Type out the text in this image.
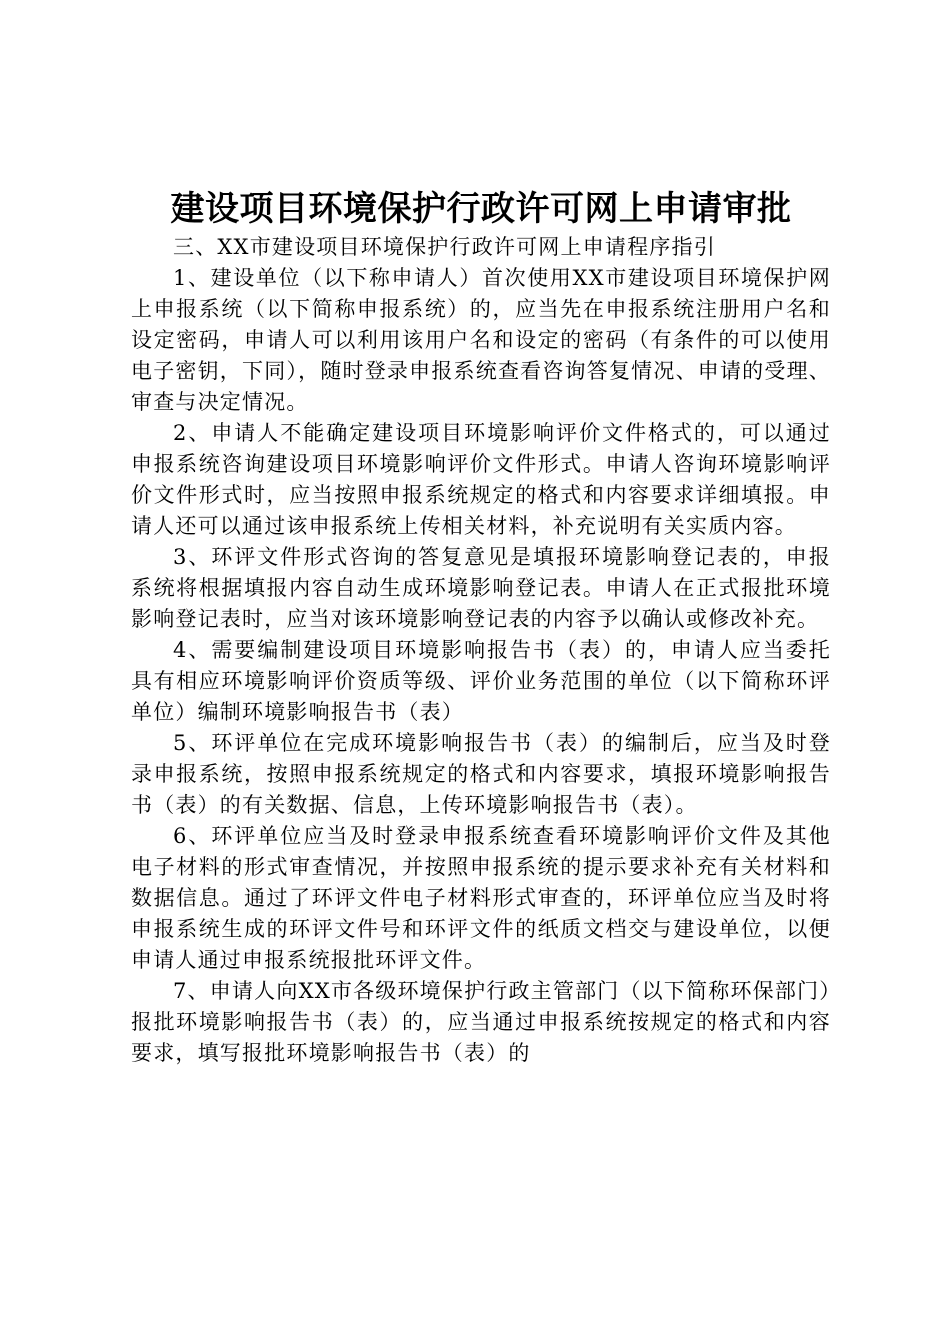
建设项目环境保护行政许可网上申请审批

三、XX市建设项目环境保护行政许可网上申请程序指引

1、建设单位（以下称申请人）首次使用XX市建设项目环境保护网上申报系统（以下简称申报系统）的，应当先在申报系统注册用户名和设定密码，申请人可以利用该用户名和设定的密码（有条件的可以使用电子密钥，下同），随时登录申报系统查看咨询答复情况、申请的受理、审查与决定情况。

2、申请人不能确定建设项目环境影响评价文件格式的，可以通过申报系统咨询建设项目环境影响评价文件形式。申请人咨询环境影响评价文件形式时，应当按照申报系统规定的格式和内容要求详细填报。申请人还可以通过该申报系统上传相关材料，补充说明有关实质内容。

3、环评文件形式咨询的答复意见是填报环境影响登记表的，申报系统将根据填报内容自动生成环境影响登记表。申请人在正式报批环境影响登记表时，应当对该环境影响登记表的内容予以确认或修改补充。

4、需要编制建设项目环境影响报告书（表）的，申请人应当委托具有相应环境影响评价资质等级、评价业务范围的单位（以下简称环评单位）编制环境影响报告书（表）

5、环评单位在完成环境影响报告书（表）的编制后，应当及时登录申报系统，按照申报系统规定的格式和内容要求，填报环境影响报告书（表）的有关数据、信息，上传环境影响报告书（表）。

6、环评单位应当及时登录申报系统查看环境影响评价文件及其他电子材料的形式审查情况，并按照申报系统的提示要求补充有关材料和数据信息。通过了环评文件电子材料形式审查的，环评单位应当及时将申报系统生成的环评文件号和环评文件的纸质文档交与建设单位，以便申请人通过申报系统报批环评文件。

7、申请人向XX市各级环境保护行政主管部门（以下简称环保部门）报批环境影响报告书（表）的，应当通过申报系统按规定的格式和内容要求，填写报批环境影响报告书（表）的
